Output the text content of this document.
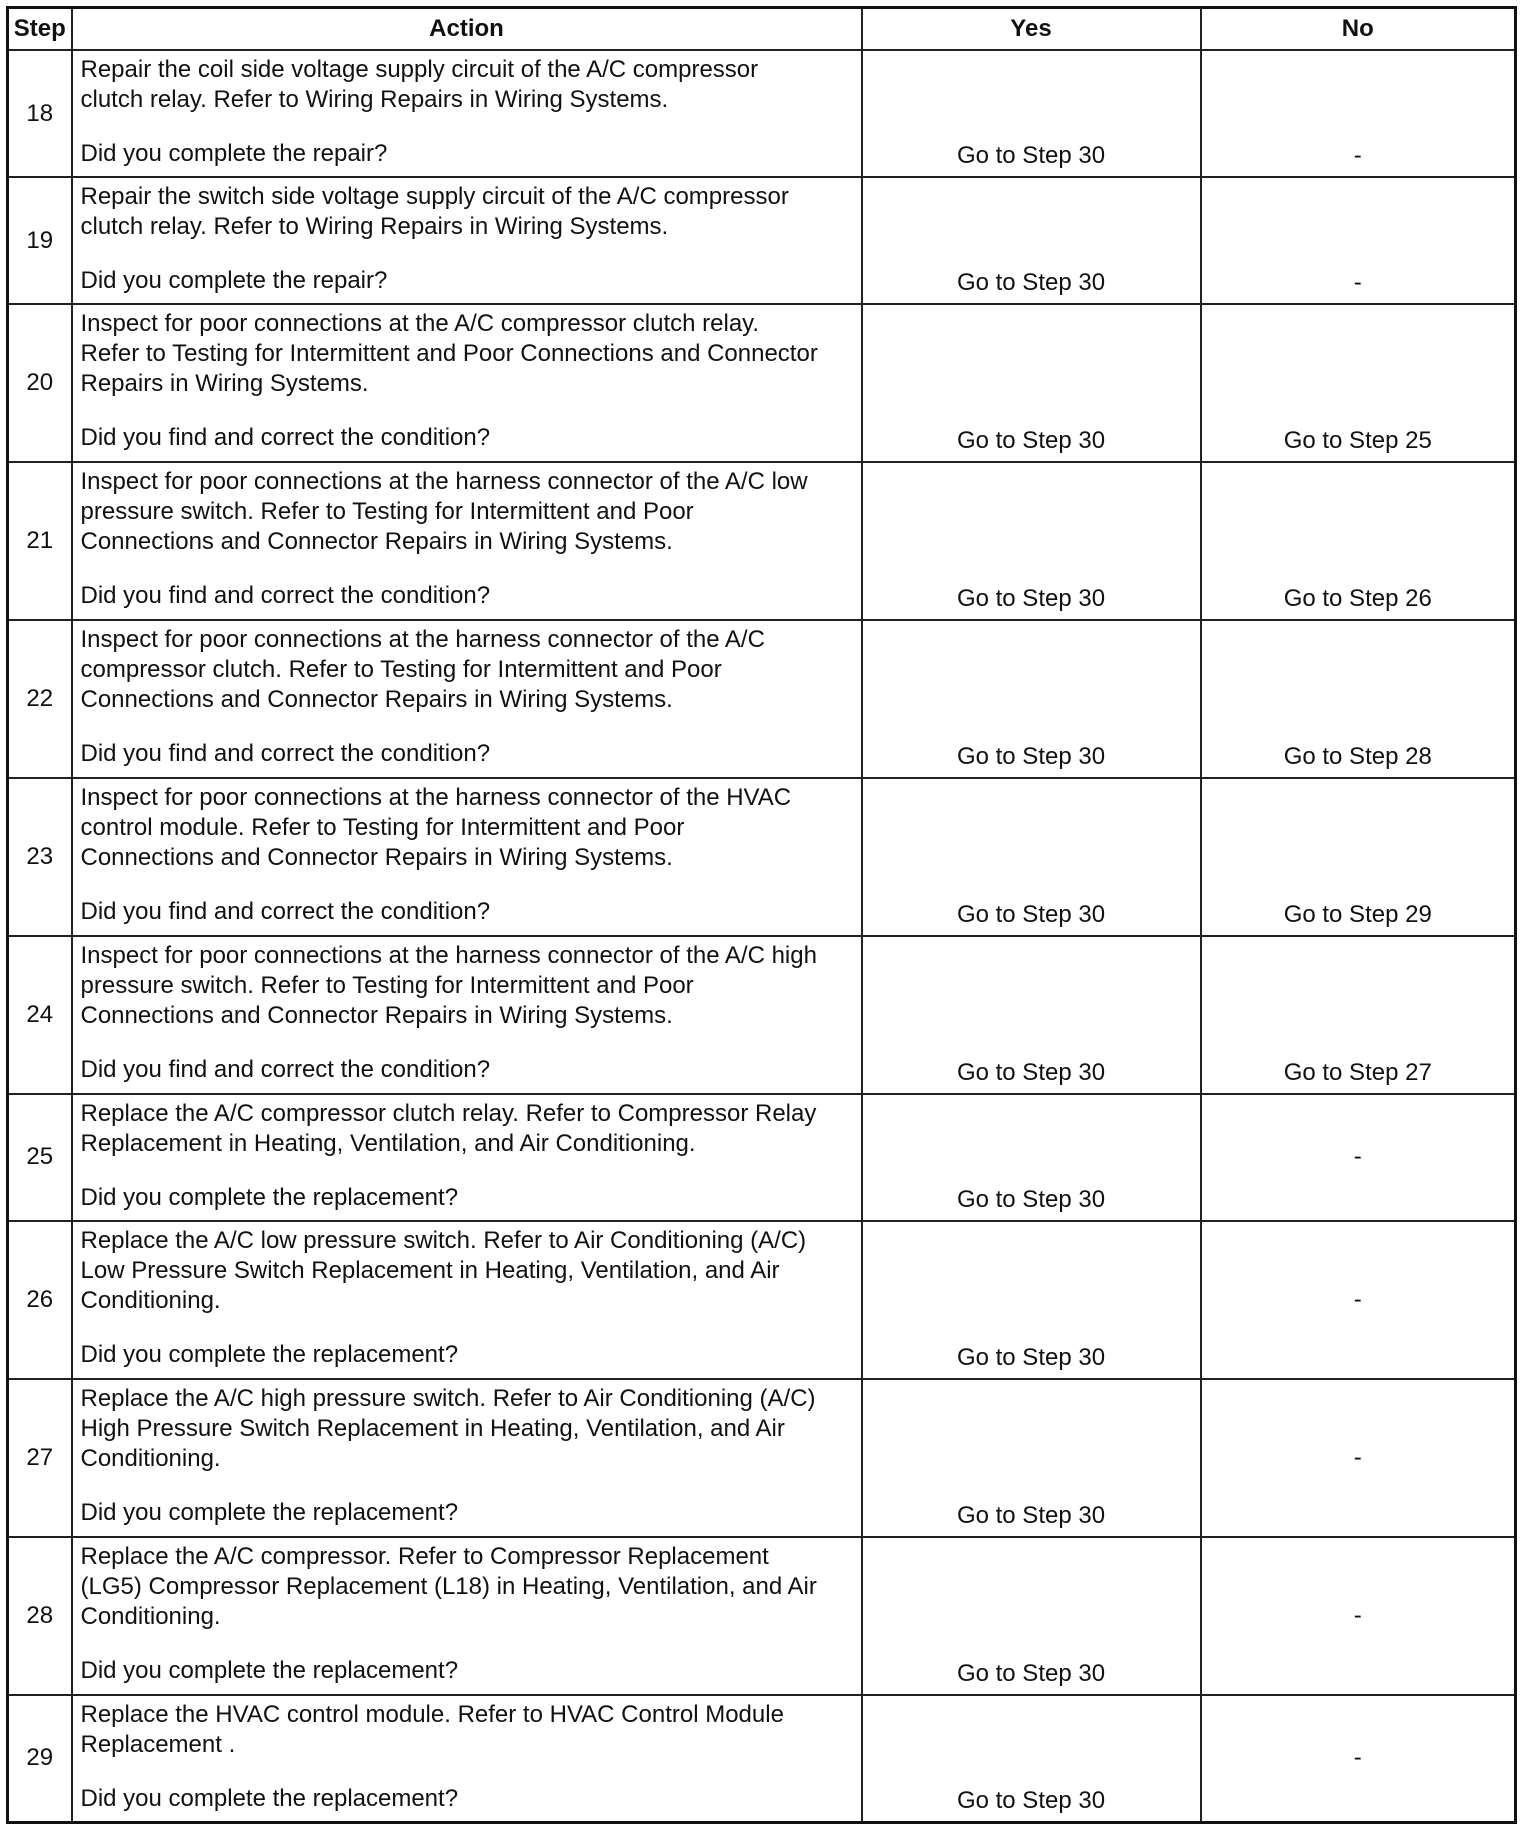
Step	Action	Yes	No
18	Repair the coil side voltage supply circuit of the A/C compressor
clutch relay. Refer to Wiring Repairs in Wiring Systems.
Did you complete the repair?	Go to Step 30	-
19	Repair the switch side voltage supply circuit of the A/C compressor
clutch relay. Refer to Wiring Repairs in Wiring Systems.
Did you complete the repair?	Go to Step 30	-
20	Inspect for poor connections at the A/C compressor clutch relay.
Refer to Testing for Intermittent and Poor Connections and Connector
Repairs in Wiring Systems.
Did you find and correct the condition?	Go to Step 30	Go to Step 25
21	Inspect for poor connections at the harness connector of the A/C low
pressure switch. Refer to Testing for Intermittent and Poor
Connections and Connector Repairs in Wiring Systems.
Did you find and correct the condition?	Go to Step 30	Go to Step 26
22	Inspect for poor connections at the harness connector of the A/C
compressor clutch. Refer to Testing for Intermittent and Poor
Connections and Connector Repairs in Wiring Systems.
Did you find and correct the condition?	Go to Step 30	Go to Step 28
23	Inspect for poor connections at the harness connector of the HVAC
control module. Refer to Testing for Intermittent and Poor
Connections and Connector Repairs in Wiring Systems.
Did you find and correct the condition?	Go to Step 30	Go to Step 29
24	Inspect for poor connections at the harness connector of the A/C high
pressure switch. Refer to Testing for Intermittent and Poor
Connections and Connector Repairs in Wiring Systems.
Did you find and correct the condition?	Go to Step 30	Go to Step 27
25	Replace the A/C compressor clutch relay. Refer to Compressor Relay
Replacement in Heating, Ventilation, and Air Conditioning.
Did you complete the replacement?	Go to Step 30	-
26	Replace the A/C low pressure switch. Refer to Air Conditioning (A/C)
Low Pressure Switch Replacement in Heating, Ventilation, and Air
Conditioning.
Did you complete the replacement?	Go to Step 30	-
27	Replace the A/C high pressure switch. Refer to Air Conditioning (A/C)
High Pressure Switch Replacement in Heating, Ventilation, and Air
Conditioning.
Did you complete the replacement?	Go to Step 30	-
28	Replace the A/C compressor. Refer to Compressor Replacement
(LG5) Compressor Replacement (L18) in Heating, Ventilation, and Air
Conditioning.
Did you complete the replacement?	Go to Step 30	-
29	Replace the HVAC control module. Refer to HVAC Control Module
Replacement .
Did you complete the replacement?	Go to Step 30	-
